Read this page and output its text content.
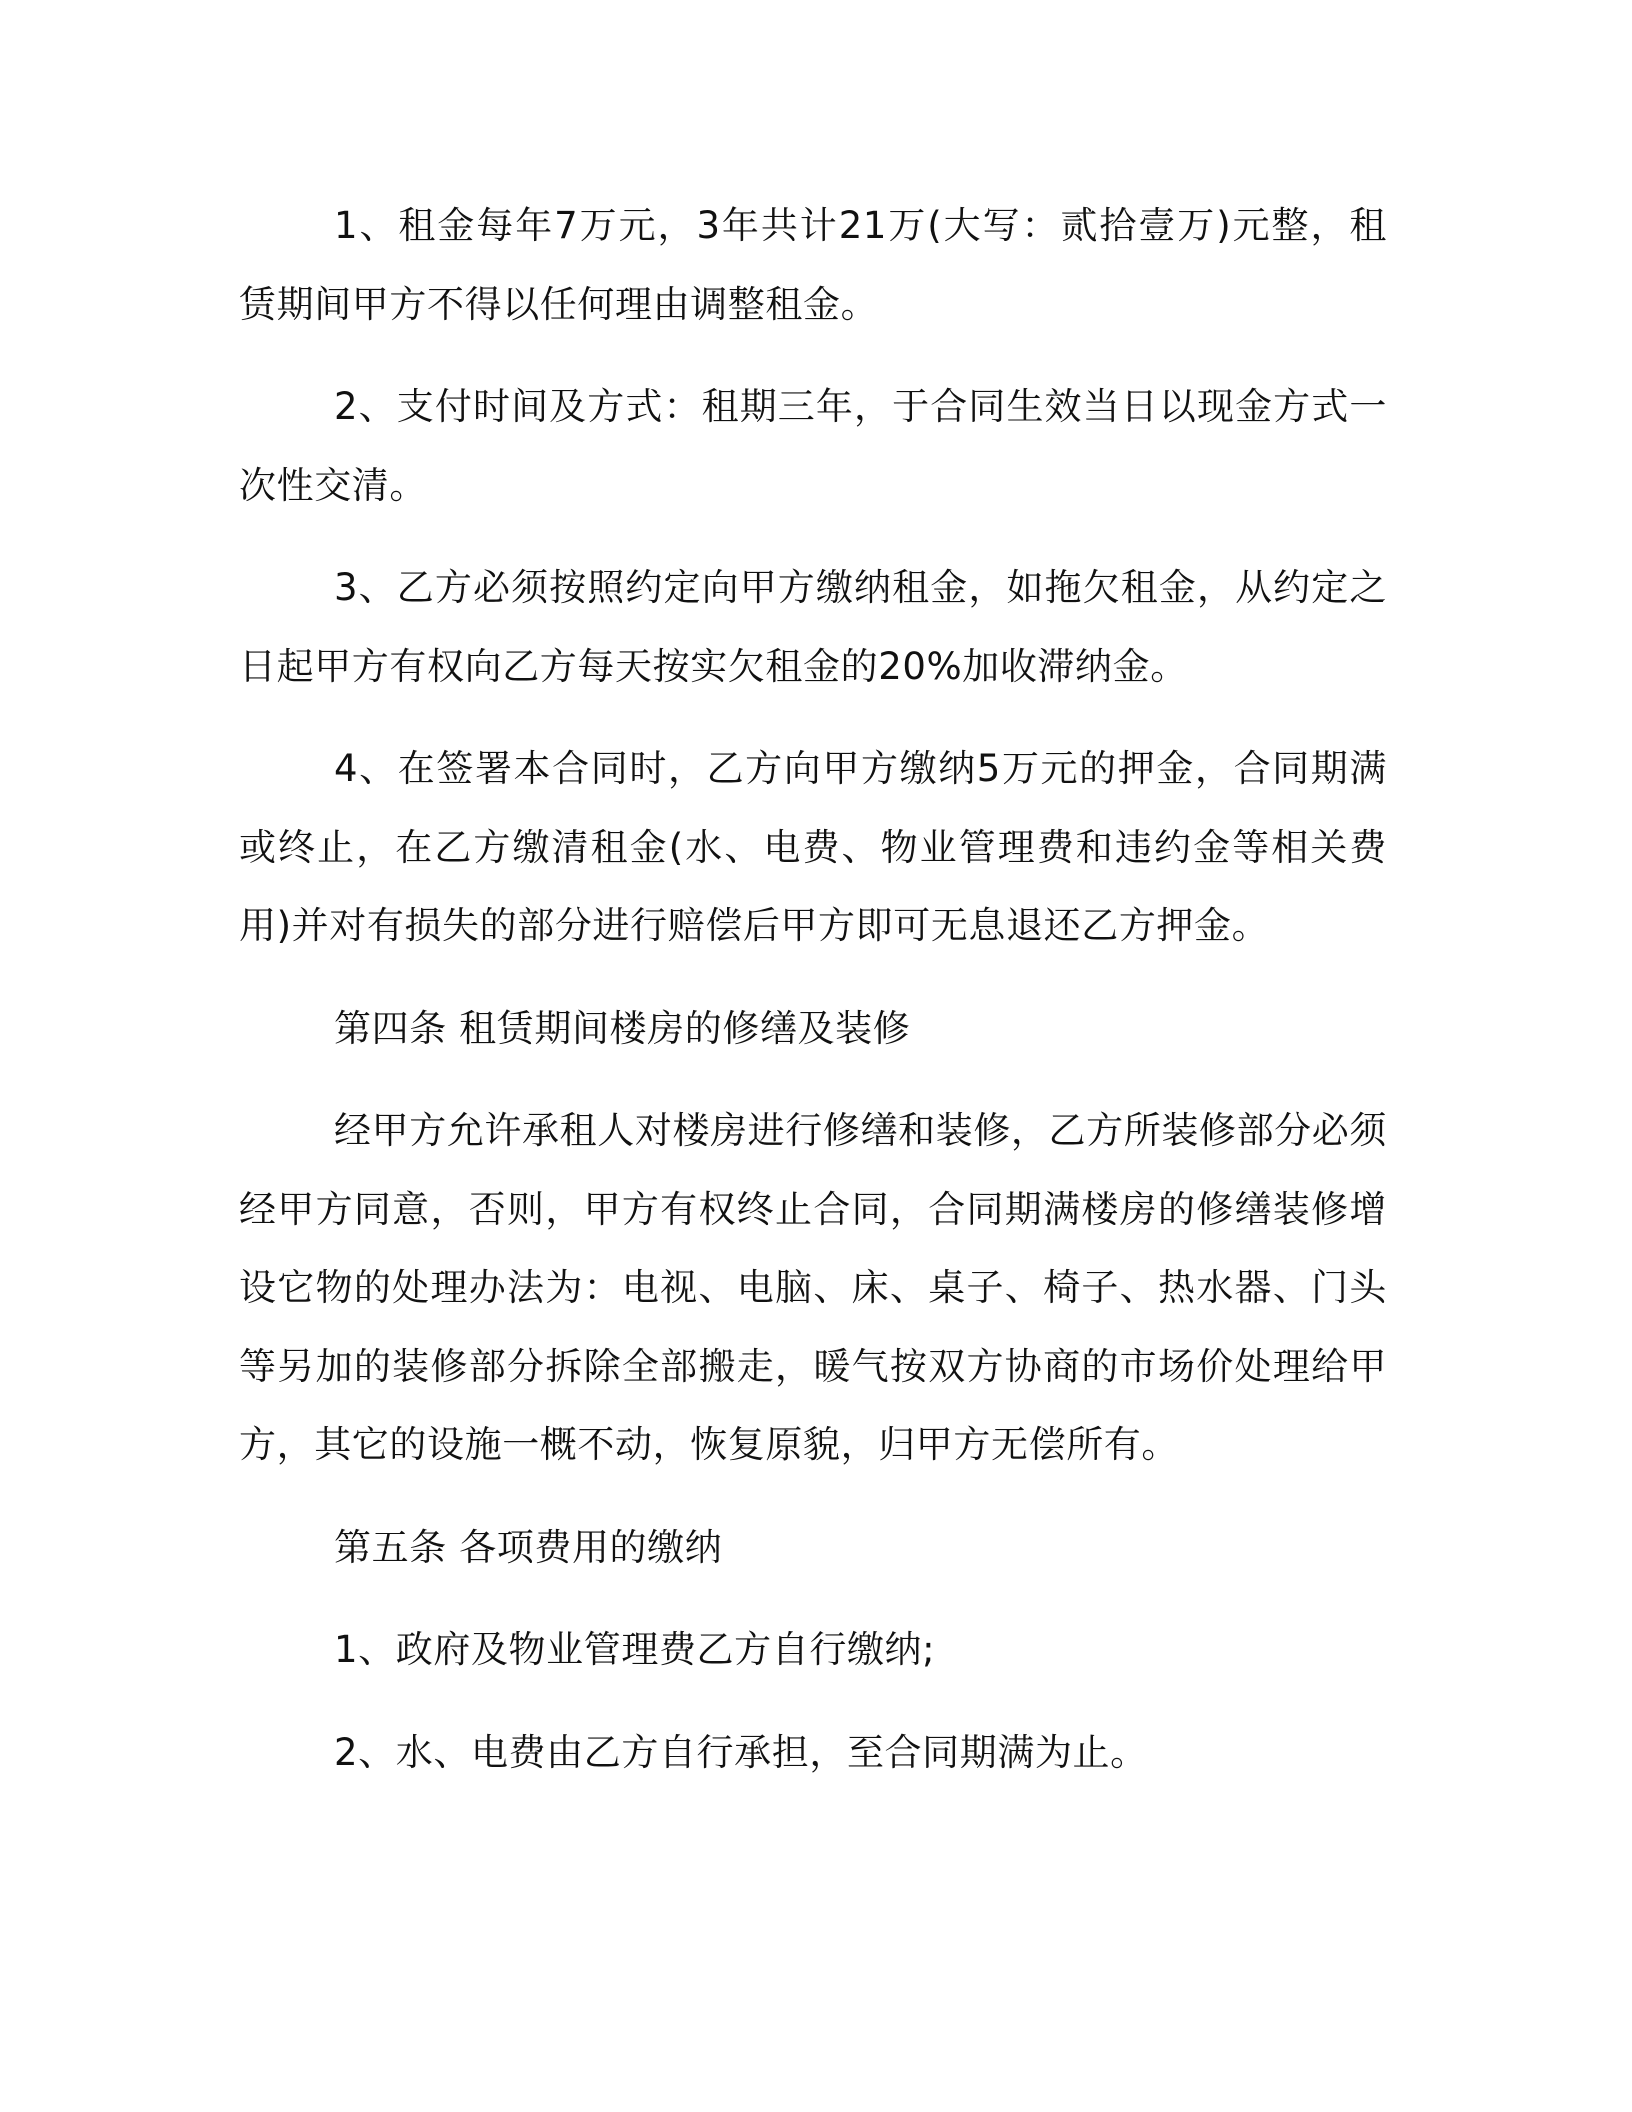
1、租金每年7万元，3年共计21万(大写：贰拾壹万)元整，租赁期间甲方不得以任何理由调整租金。

2、支付时间及方式：租期三年，于合同生效当日以现金方式一次性交清。

3、乙方必须按照约定向甲方缴纳租金，如拖欠租金，从约定之日起甲方有权向乙方每天按实欠租金的20%加收滞纳金。

4、在签署本合同时，乙方向甲方缴纳5万元的押金，合同期满或终止，在乙方缴清租金(水、电费、物业管理费和违约金等相关费用)并对有损失的部分进行赔偿后甲方即可无息退还乙方押金。

第四条 租赁期间楼房的修缮及装修

经甲方允许承租人对楼房进行修缮和装修，乙方所装修部分必须经甲方同意，否则，甲方有权终止合同，合同期满楼房的修缮装修增设它物的处理办法为：电视、电脑、床、桌子、椅子、热水器、门头等另加的装修部分拆除全部搬走，暖气按双方协商的市场价处理给甲方，其它的设施一概不动，恢复原貌，归甲方无偿所有。

第五条 各项费用的缴纳

1、政府及物业管理费乙方自行缴纳;

2、水、电费由乙方自行承担，至合同期满为止。
